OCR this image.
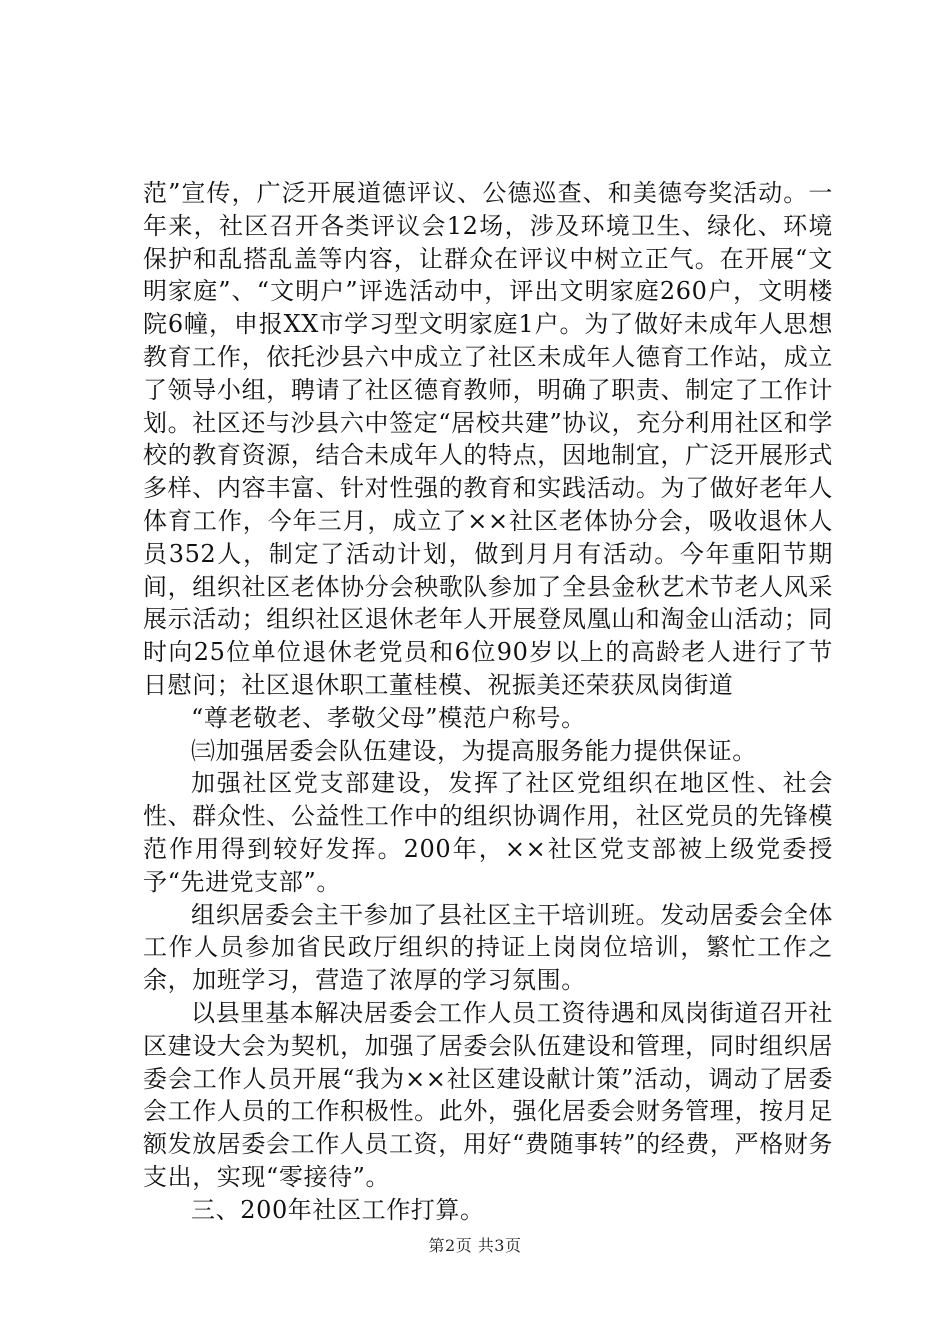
范”宣传，广泛开展道德评议、公德巡查、和美德夸奖活动。一年来，社区召开各类评议会12场，涉及环境卫生、绿化、环境保护和乱搭乱盖等内容，让群众在评议中树立正气。在开展“文明家庭”、“文明户”评选活动中，评出文明家庭260户，文明楼院6幢，申报XX市学习型文明家庭1户。为了做好未成年人思想教育工作，依托沙县六中成立了社区未成年人德育工作站，成立了领导小组，聘请了社区德育教师，明确了职责、制定了工作计划。社区还与沙县六中签定“居校共建”协议，充分利用社区和学校的教育资源，结合未成年人的特点，因地制宜，广泛开展形式多样、内容丰富、针对性强的教育和实践活动。为了做好老年人体育工作，今年三月，成立了××社区老体协分会，吸收退休人员352人，制定了活动计划，做到月月有活动。今年重阳节期间，组织社区老体协分会秧歌队参加了全县金秋艺术节老人风采展示活动；组织社区退休老年人开展登凤凰山和淘金山活动；同时向25位单位退休老党员和6位90岁以上的高龄老人进行了节日慰问；社区退休职工董桂模、祝振美还荣获凤岗街道

“尊老敬老、孝敬父母”模范户称号。

㈢加强居委会队伍建设，为提高服务能力提供保证。

加强社区党支部建设，发挥了社区党组织在地区性、社会性、群众性、公益性工作中的组织协调作用，社区党员的先锋模范作用得到较好发挥。200年，××社区党支部被上级党委授予“先进党支部”。

组织居委会主干参加了县社区主干培训班。发动居委会全体工作人员参加省民政厅组织的持证上岗岗位培训，繁忙工作之余，加班学习，营造了浓厚的学习氛围。

以县里基本解决居委会工作人员工资待遇和凤岗街道召开社区建设大会为契机，加强了居委会队伍建设和管理，同时组织居委会工作人员开展“我为××社区建设献计策”活动，调动了居委会工作人员的工作积极性。此外，强化居委会财务管理，按月足额发放居委会工作人员工资，用好“费随事转”的经费，严格财务支出，实现“零接待”。

三、200年社区工作打算。

第2页 共3页
